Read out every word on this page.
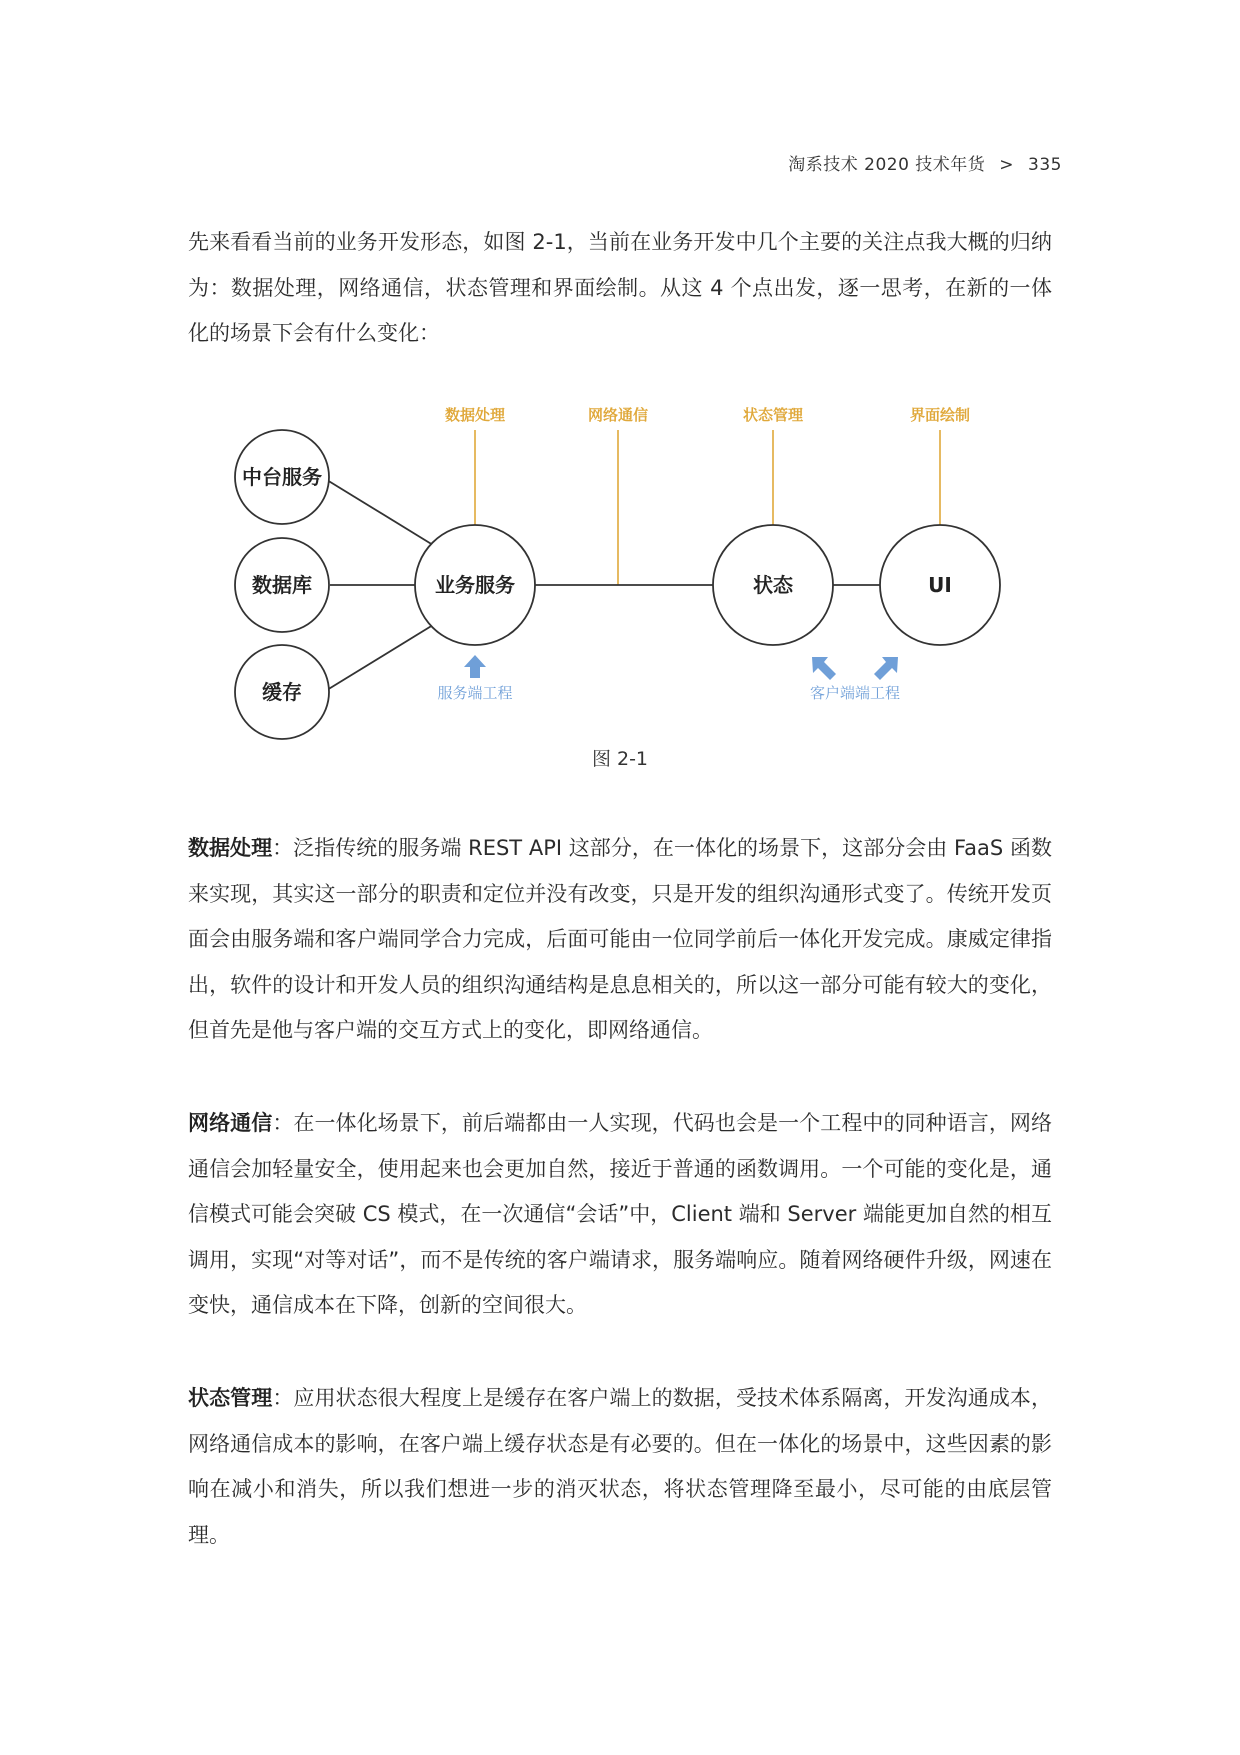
淘系技术 2020 技术年货 > 335

先来看看当前的业务开发形态，如图 2-1，当前在业务开发中几个主要的关注点我大概的归纳为：数据处理，网络通信，状态管理和界面绘制。从这 4 个点出发，逐一思考，在新的一体化的场景下会有什么变化：

数据处理	网络通信	状态管理	界面绘制
中台服务
数据库
缓存
业务服务	状态	UI
服务端工程	客户端端工程
图 2-1

数据处理：泛指传统的服务端 REST API 这部分，在一体化的场景下，这部分会由 FaaS 函数来实现，其实这一部分的职责和定位并没有改变，只是开发的组织沟通形式变了。传统开发页面会由服务端和客户端同学合力完成，后面可能由一位同学前后一体化开发完成。康威定律指出，软件的设计和开发人员的组织沟通结构是息息相关的，所以这一部分可能有较大的变化，但首先是他与客户端的交互方式上的变化，即网络通信。

网络通信：在一体化场景下，前后端都由一人实现，代码也会是一个工程中的同种语言，网络通信会加轻量安全，使用起来也会更加自然，接近于普通的函数调用。一个可能的变化是，通信模式可能会突破 CS 模式，在一次通信“会话”中，Client 端和 Server 端能更加自然的相互调用，实现“对等对话”，而不是传统的客户端请求，服务端响应。随着网络硬件升级，网速在变快，通信成本在下降，创新的空间很大。

状态管理：应用状态很大程度上是缓存在客户端上的数据，受技术体系隔离，开发沟通成本，网络通信成本的影响，在客户端上缓存状态是有必要的。但在一体化的场景中，这些因素的影响在减小和消失，所以我们想进一步的消灭状态，将状态管理降至最小，尽可能的由底层管理。
